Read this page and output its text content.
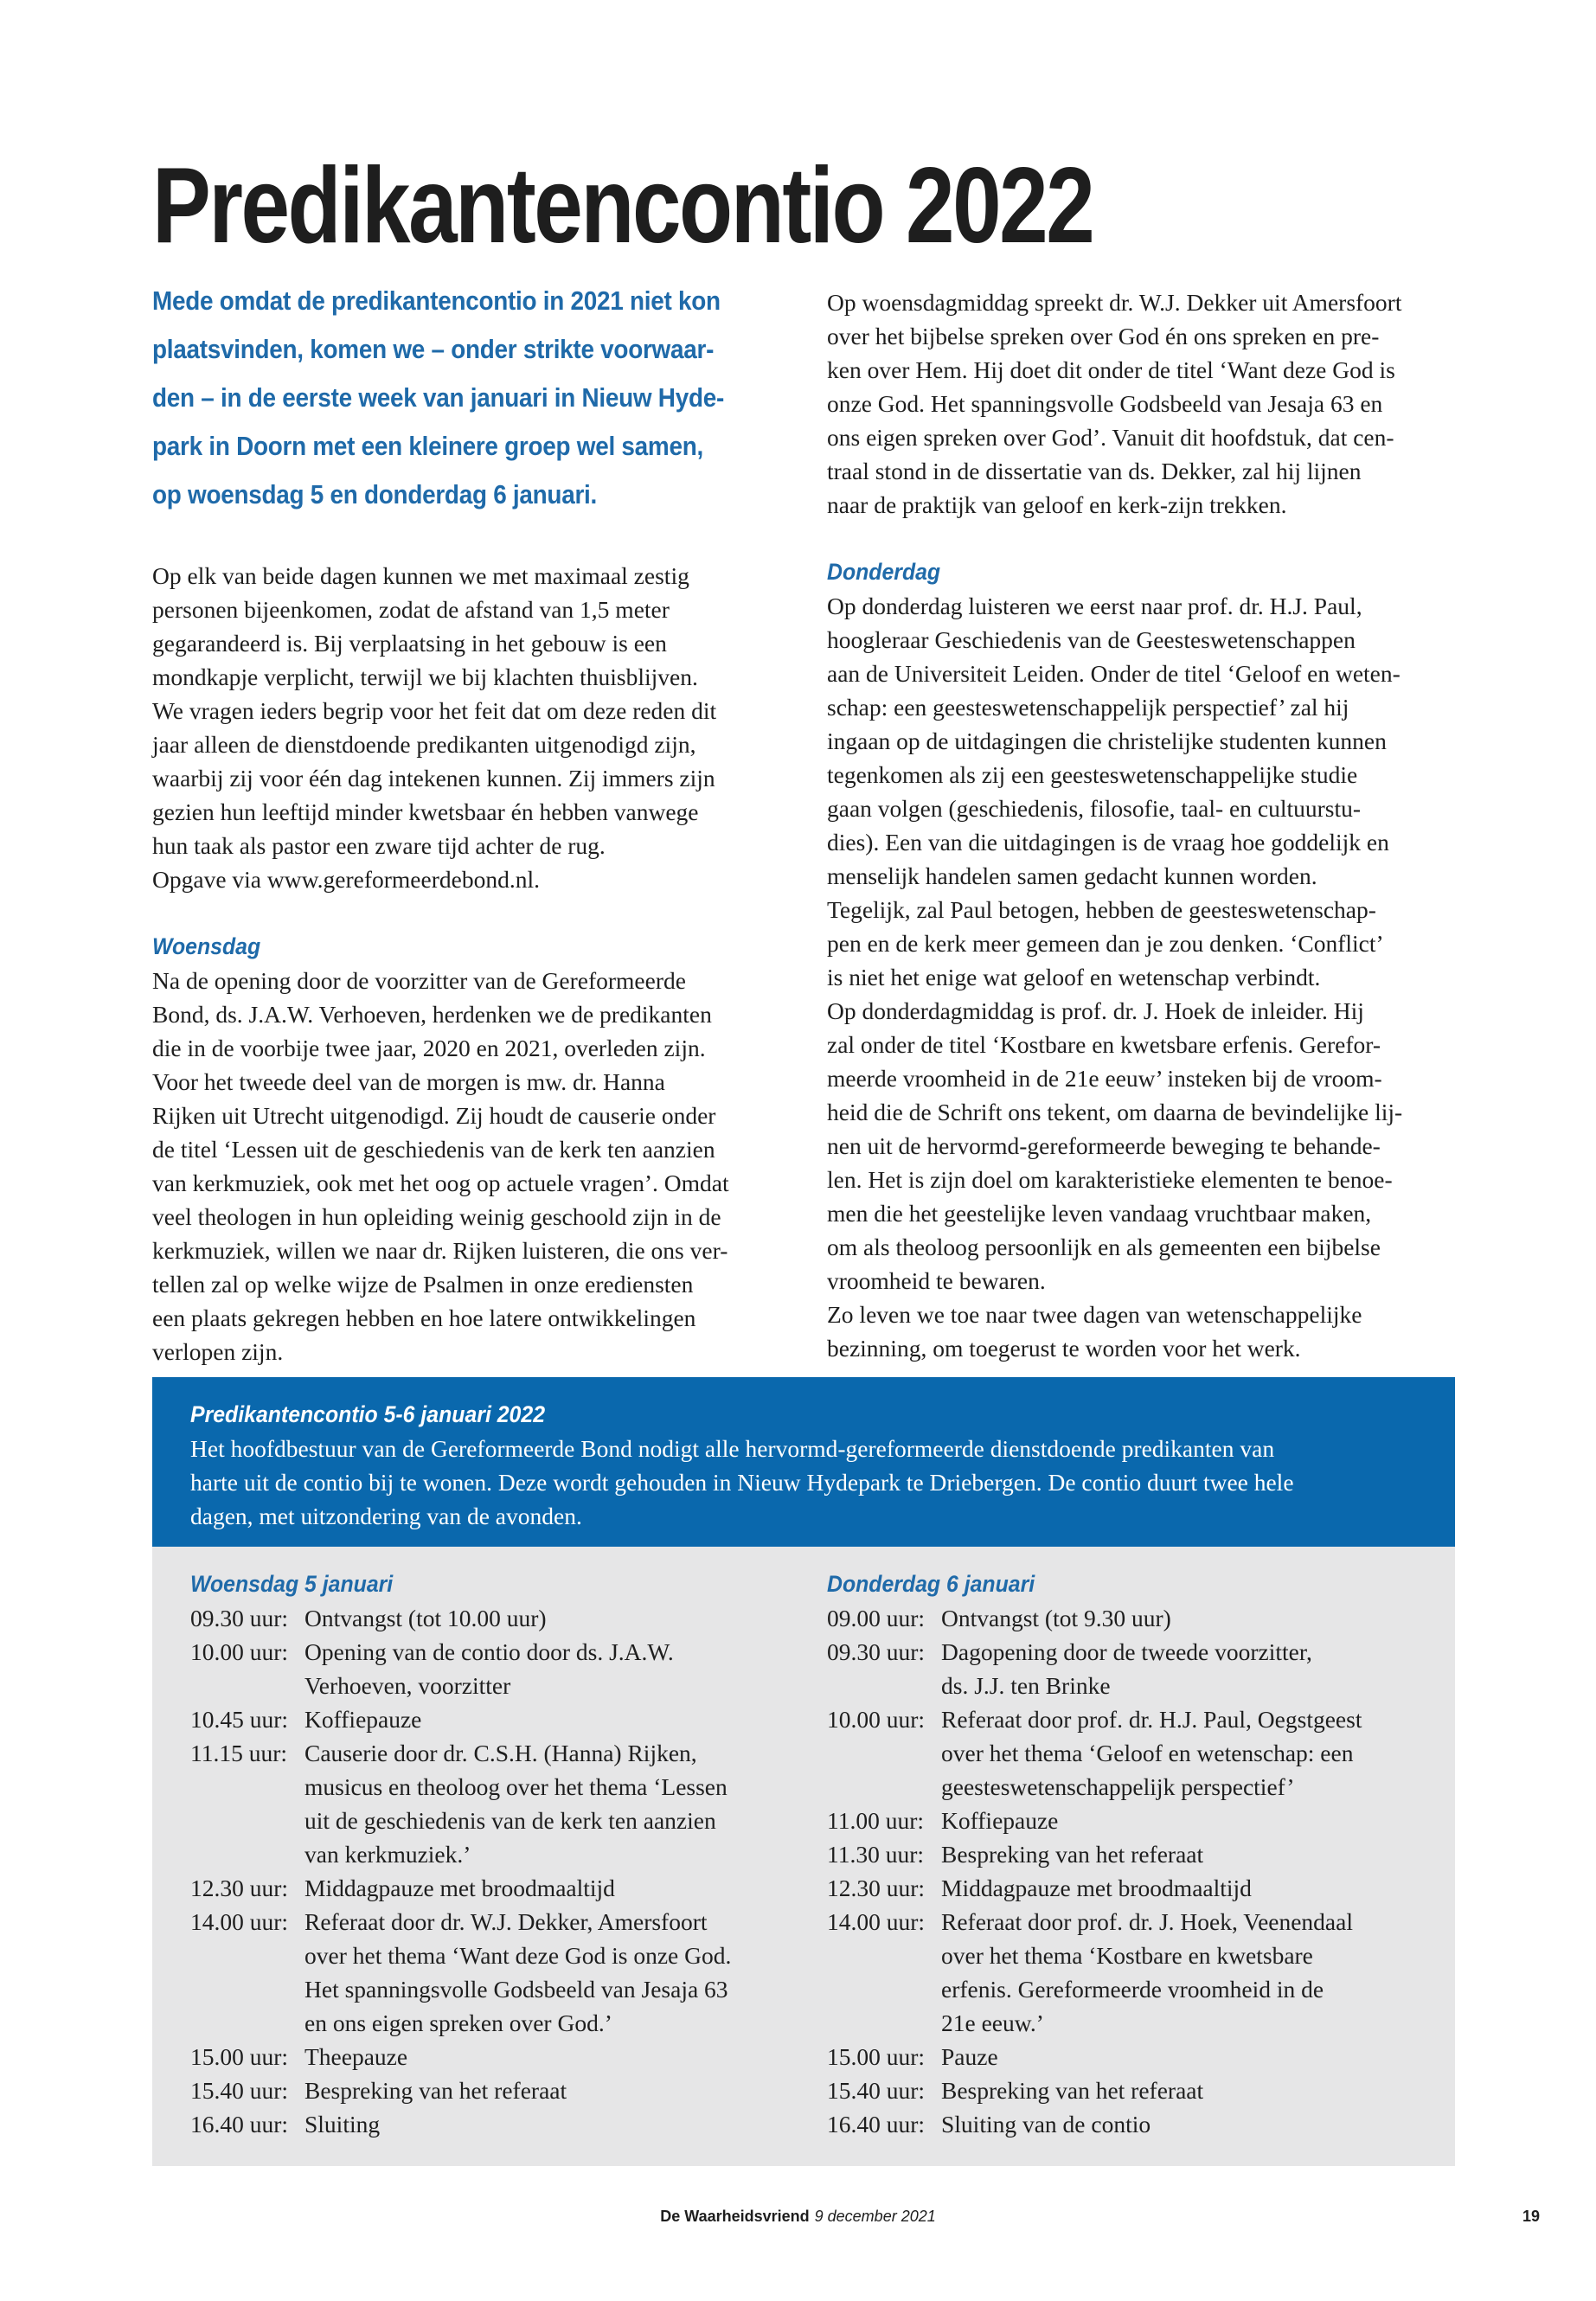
Predikantencontio 2022
Mede omdat de predikantencontio in 2021 niet kon
plaatsvinden, komen we – onder strikte voorwaar-
den – in de eerste week van januari in Nieuw Hyde-
park in Doorn met een kleinere groep wel samen,
op woensdag 5 en donderdag 6 januari.
Op elk van beide dagen kunnen we met maximaal zestig
personen bijeenkomen, zodat de afstand van 1,5 meter
gegarandeerd is. Bij verplaatsing in het gebouw is een
mondkapje verplicht, terwijl we bij klachten thuisblijven.
We vragen ieders begrip voor het feit dat om deze reden dit
jaar alleen de dienstdoende predikanten uitgenodigd zijn,
waarbij zij voor één dag intekenen kunnen. Zij immers zijn
gezien hun leeftijd minder kwetsbaar én hebben vanwege
hun taak als pastor een zware tijd achter de rug.
Opgave via www.gereformeerdebond.nl.
Woensdag
Na de opening door de voorzitter van de Gereformeerde
Bond, ds. J.A.W. Verhoeven, herdenken we de predikanten
die in de voorbije twee jaar, 2020 en 2021, overleden zijn.
Voor het tweede deel van de morgen is mw. dr. Hanna
Rijken uit Utrecht uitgenodigd. Zij houdt de causerie onder
de titel ‘Lessen uit de geschiedenis van de kerk ten aanzien
van kerkmuziek, ook met het oog op actuele vragen’. Omdat
veel theologen in hun opleiding weinig geschoold zijn in de
kerkmuziek, willen we naar dr. Rijken luisteren, die ons ver-
tellen zal op welke wijze de Psalmen in onze erediensten
een plaats gekregen hebben en hoe latere ontwikkelingen
verlopen zijn.
Op woensdagmiddag spreekt dr. W.J. Dekker uit Amersfoort
over het bijbelse spreken over God én ons spreken en pre-
ken over Hem. Hij doet dit onder de titel ‘Want deze God is
onze God. Het spanningsvolle Godsbeeld van Jesaja 63 en
ons eigen spreken over God’. Vanuit dit hoofdstuk, dat cen-
traal stond in de dissertatie van ds. Dekker, zal hij lijnen
naar de praktijk van geloof en kerk-zijn trekken.
Donderdag
Op donderdag luisteren we eerst naar prof. dr. H.J. Paul,
hoogleraar Geschiedenis van de Geesteswetenschappen
aan de Universiteit Leiden. Onder de titel ‘Geloof en weten-
schap: een geesteswetenschappelijk perspectief’ zal hij
ingaan op de uitdagingen die christelijke studenten kunnen
tegenkomen als zij een geesteswetenschappelijke studie
gaan volgen (geschiedenis, filosofie, taal- en cultuurstu-
dies). Een van die uitdagingen is de vraag hoe goddelijk en
menselijk handelen samen gedacht kunnen worden.
Tegelijk, zal Paul betogen, hebben de geesteswetenschap-
pen en de kerk meer gemeen dan je zou denken. ‘Conflict’
is niet het enige wat geloof en wetenschap verbindt.
Op donderdagmiddag is prof. dr. J. Hoek de inleider. Hij
zal onder de titel ‘Kostbare en kwetsbare erfenis. Gerefor-
meerde vroomheid in de 21e eeuw’ insteken bij de vroom-
heid die de Schrift ons tekent, om daarna de bevindelijke lij-
nen uit de hervormd-gereformeerde beweging te behande-
len. Het is zijn doel om karakteristieke elementen te benoe-
men die het geestelijke leven vandaag vruchtbaar maken,
om als theoloog persoonlijk en als gemeenten een bijbelse
vroomheid te bewaren.
Zo leven we toe naar twee dagen van wetenschappelijke
bezinning, om toegerust te worden voor het werk.
Predikantencontio 5-6 januari 2022
Het hoofdbestuur van de Gereformeerde Bond nodigt alle hervormd-gereformeerde dienstdoende predikanten van
harte uit de contio bij te wonen. Deze wordt gehouden in Nieuw Hydepark te Driebergen. De contio duurt twee hele
dagen, met uitzondering van de avonden.
Woensdag 5 januari
09.30 uur: Ontvangst (tot 10.00 uur)
10.00 uur: Opening van de contio door ds. J.A.W.
Verhoeven, voorzitter
10.45 uur: Koffiepauze
11.15 uur: Causerie door dr. C.S.H. (Hanna) Rijken,
musicus en theoloog over het thema ‘Lessen
uit de geschiedenis van de kerk ten aanzien
van kerkmuziek.’
12.30 uur: Middagpauze met broodmaaltijd
14.00 uur: Referaat door dr. W.J. Dekker, Amersfoort
over het thema ‘Want deze God is onze God.
Het spanningsvolle Godsbeeld van Jesaja 63
en ons eigen spreken over God.’
15.00 uur: Theepauze
15.40 uur: Bespreking van het referaat
16.40 uur: Sluiting
Donderdag 6 januari
09.00 uur: Ontvangst (tot 9.30 uur)
09.30 uur: Dagopening door de tweede voorzitter,
ds. J.J. ten Brinke
10.00 uur: Referaat door prof. dr. H.J. Paul, Oegstgeest
over het thema ‘Geloof en wetenschap: een
geesteswetenschappelijk perspectief’
11.00 uur: Koffiepauze
11.30 uur: Bespreking van het referaat
12.30 uur: Middagpauze met broodmaaltijd
14.00 uur: Referaat door prof. dr. J. Hoek, Veenendaal
over het thema ‘Kostbare en kwetsbare
erfenis. Gereformeerde vroomheid in de
21e eeuw.’
15.00 uur: Pauze
15.40 uur: Bespreking van het referaat
16.40 uur: Sluiting van de contio
De Waarheidsvriend 9 december 2021	19
